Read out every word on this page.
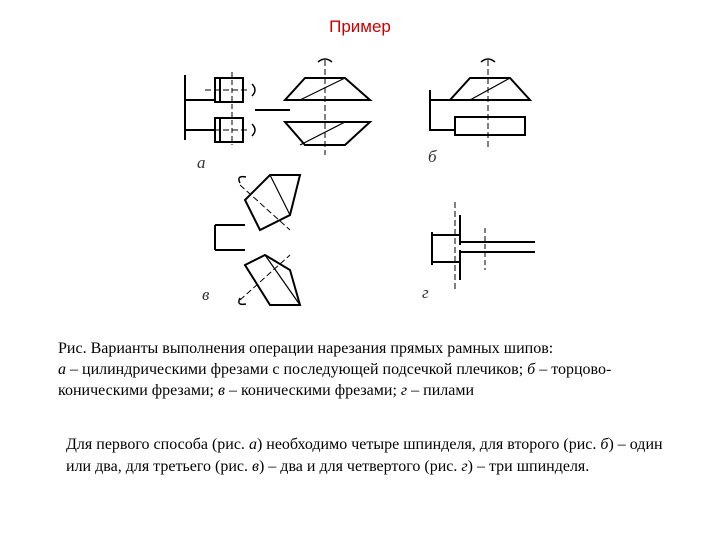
Пример
а	б
в	г
Рис. Варианты выполнения операции нарезания прямых рамных шипов:
а – цилиндрическими фрезами с последующей подсечкой плечиков; б – торцово-коническими фрезами; в – коническими фрезами; г – пилами
Для первого способа (рис. а) необходимо четыре шпинделя, для второго (рис. б) – один или два, для третьего (рис. в) – два и для четвертого (рис. г) – три шпинделя.
